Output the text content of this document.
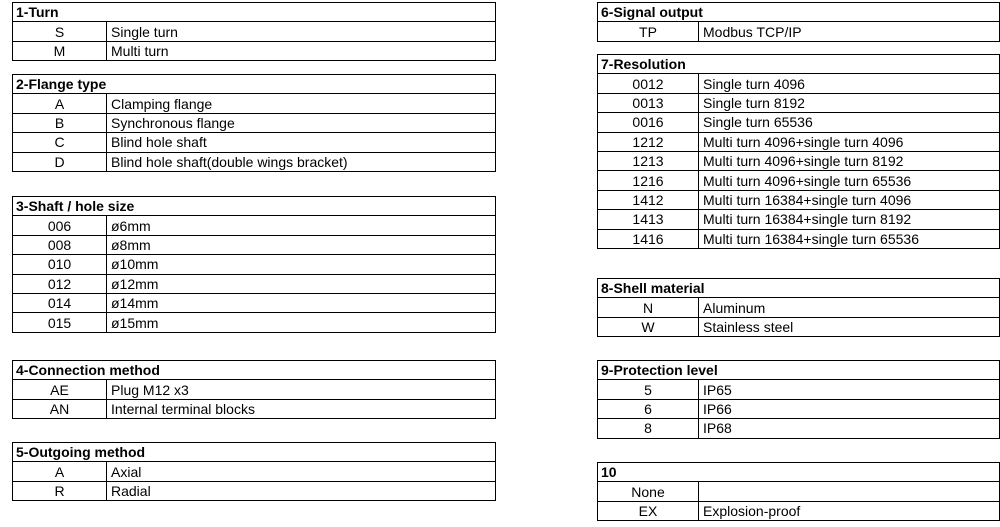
1-Turn	
S	Single turn
M	Multi turn
2-Flange type	
A	Clamping flange
B	Synchronous flange
C	Blind hole shaft
D	Blind hole shaft(double wings bracket)
3-Shaft / hole size	
006	ø6mm
008	ø8mm
010	ø10mm
012	ø12mm
014	ø14mm
015	ø15mm
4-Connection method	
AE	Plug M12 x3
AN	Internal terminal blocks
5-Outgoing method	
A	Axial
R	Radial
6-Signal output
TP	Modbus TCP/IP
7-Resolution	
0012	Single turn 4096
0013	Single turn 8192
0016	Single turn 65536
1212	Multi turn 4096+single turn 4096
1213	Multi turn 4096+single turn 8192
1216	Multi turn 4096+single turn 65536
1412	Multi turn 16384+single turn 4096
1413	Multi turn 16384+single turn 8192
1416	Multi turn 16384+single turn 65536
8-Shell material	
N	Aluminum
W	Stainless steel
9-Protection level	
5	IP65
6	IP66
8	IP68
10	
None	
EX	Explosion-proof
